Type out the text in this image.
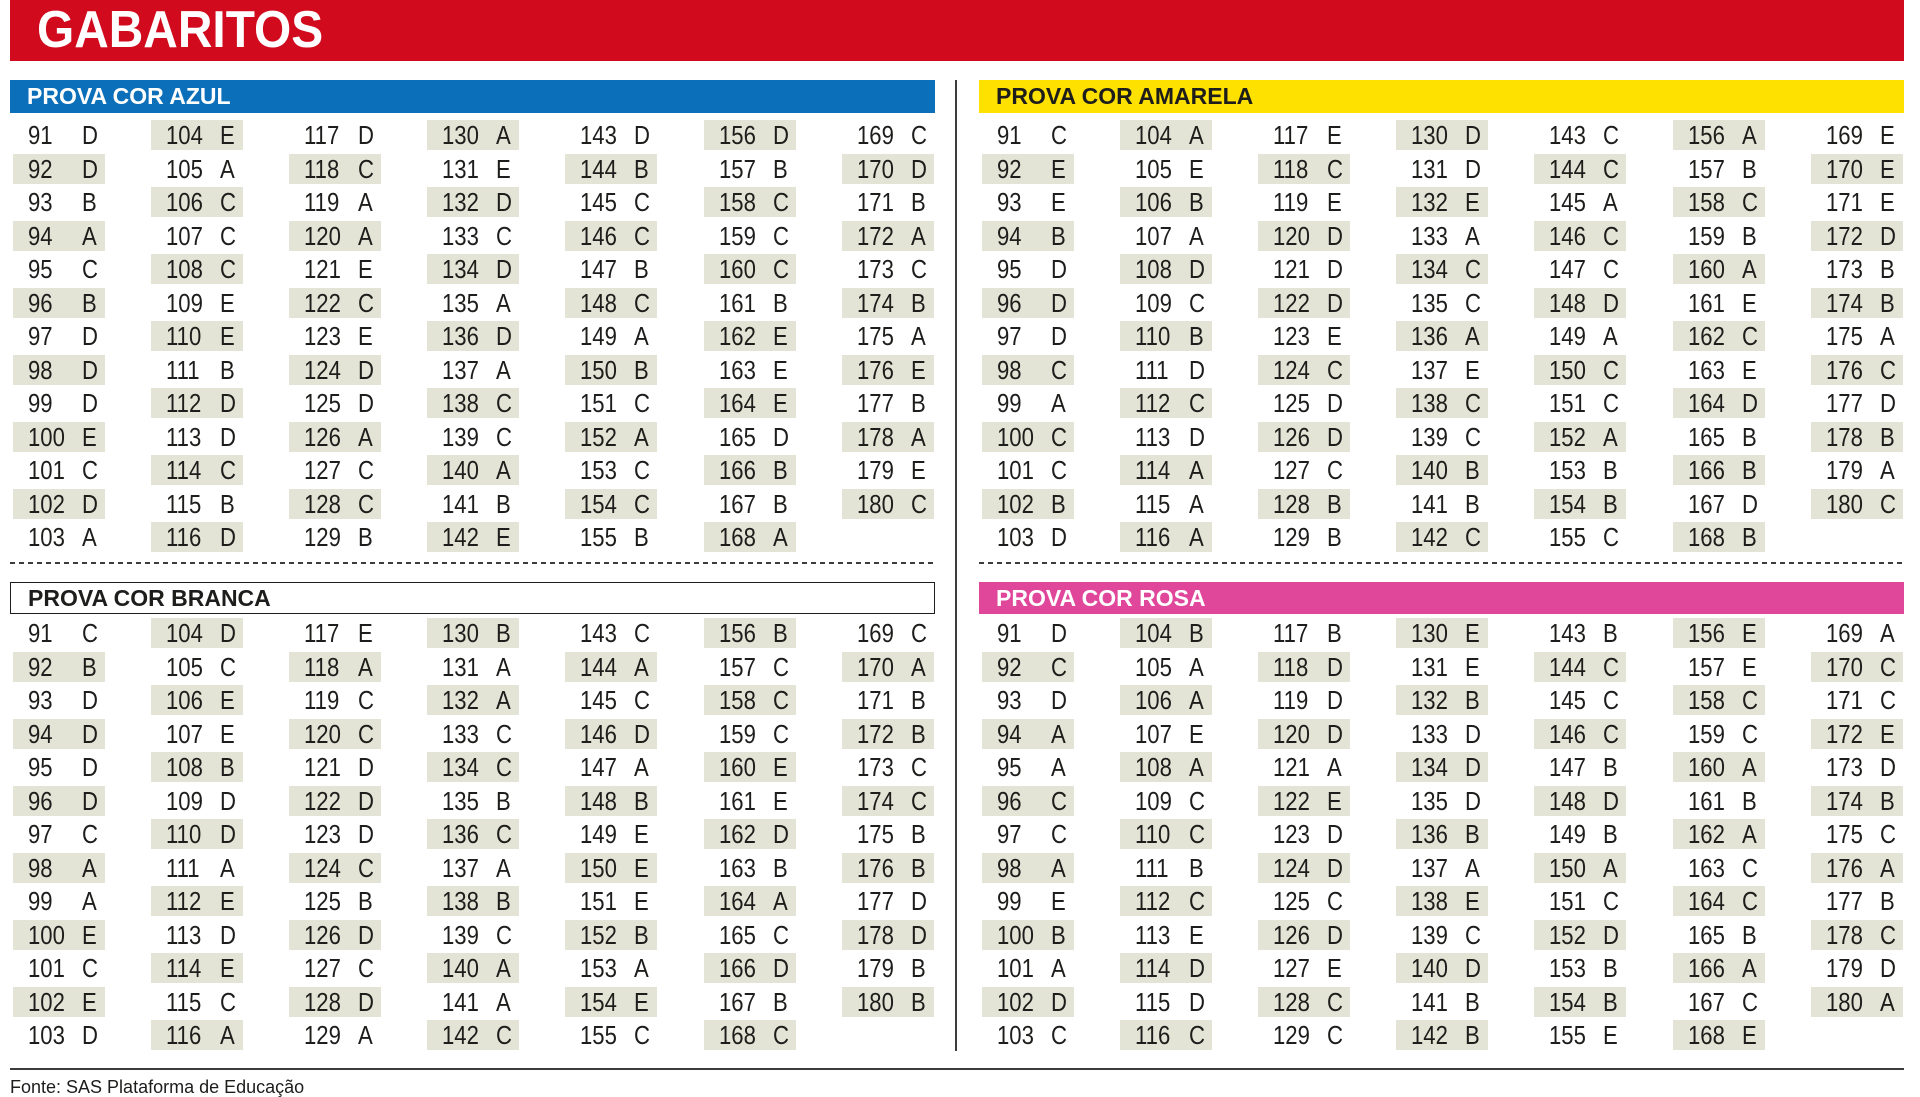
GABARITOS
PROVA COR AZUL
91 D
92 D
93 B
94 A
95 C
96 B
97 D
98 D
99 D
100 E
101 C
102 D
103 A
104 E
105 A
106 C
107 C
108 C
109 E
110 E
111 B
112 D
113 D
114 C
115 B
116 D
117 D
118 C
119 A
120 A
121 E
122 C
123 E
124 D
125 D
126 A
127 C
128 C
129 B
130 A
131 E
132 D
133 C
134 D
135 A
136 D
137 A
138 C
139 C
140 A
141 B
142 E
143 D
144 B
145 C
146 C
147 B
148 C
149 A
150 B
151 C
152 A
153 C
154 C
155 B
156 D
157 B
158 C
159 C
160 C
161 B
162 E
163 E
164 E
165 D
166 B
167 B
168 A
169 C
170 D
171 B
172 A
173 C
174 B
175 A
176 E
177 B
178 A
179 E
180 C
PROVA COR AMARELA
91 C
92 E
93 E
94 B
95 D
96 D
97 D
98 C
99 A
100 C
101 C
102 B
103 D
104 A
105 E
106 B
107 A
108 D
109 C
110 B
111 D
112 C
113 D
114 A
115 A
116 A
117 E
118 C
119 E
120 D
121 D
122 D
123 E
124 C
125 D
126 D
127 C
128 B
129 B
130 D
131 D
132 E
133 A
134 C
135 C
136 A
137 E
138 C
139 C
140 B
141 B
142 C
143 C
144 C
145 A
146 C
147 C
148 D
149 A
150 C
151 C
152 A
153 B
154 B
155 C
156 A
157 B
158 C
159 B
160 A
161 E
162 C
163 E
164 D
165 B
166 B
167 D
168 B
169 E
170 E
171 E
172 D
173 B
174 B
175 A
176 C
177 D
178 B
179 A
180 C
PROVA COR BRANCA
91 C
92 B
93 D
94 D
95 D
96 D
97 C
98 A
99 A
100 E
101 C
102 E
103 D
104 D
105 C
106 E
107 E
108 B
109 D
110 D
111 A
112 E
113 D
114 E
115 C
116 A
117 E
118 A
119 C
120 C
121 D
122 D
123 D
124 C
125 B
126 D
127 C
128 D
129 A
130 B
131 A
132 A
133 C
134 C
135 B
136 C
137 A
138 B
139 C
140 A
141 A
142 C
143 C
144 A
145 C
146 D
147 A
148 B
149 E
150 E
151 E
152 B
153 A
154 E
155 C
156 B
157 C
158 C
159 C
160 E
161 E
162 D
163 B
164 A
165 C
166 D
167 B
168 C
169 C
170 A
171 B
172 B
173 C
174 C
175 B
176 B
177 D
178 D
179 B
180 B
PROVA COR ROSA
91 D
92 C
93 D
94 A
95 A
96 C
97 C
98 A
99 E
100 B
101 A
102 D
103 C
104 B
105 A
106 A
107 E
108 A
109 C
110 C
111 B
112 C
113 E
114 D
115 D
116 C
117 B
118 D
119 D
120 D
121 A
122 E
123 D
124 D
125 C
126 D
127 E
128 C
129 C
130 E
131 E
132 B
133 D
134 D
135 D
136 B
137 A
138 E
139 C
140 D
141 B
142 B
143 B
144 C
145 C
146 C
147 B
148 D
149 B
150 A
151 C
152 D
153 B
154 B
155 E
156 E
157 E
158 C
159 C
160 A
161 B
162 A
163 C
164 C
165 B
166 A
167 C
168 E
169 A
170 C
171 C
172 E
173 D
174 B
175 C
176 A
177 B
178 C
179 D
180 A
Fonte: SAS Plataforma de Educação
